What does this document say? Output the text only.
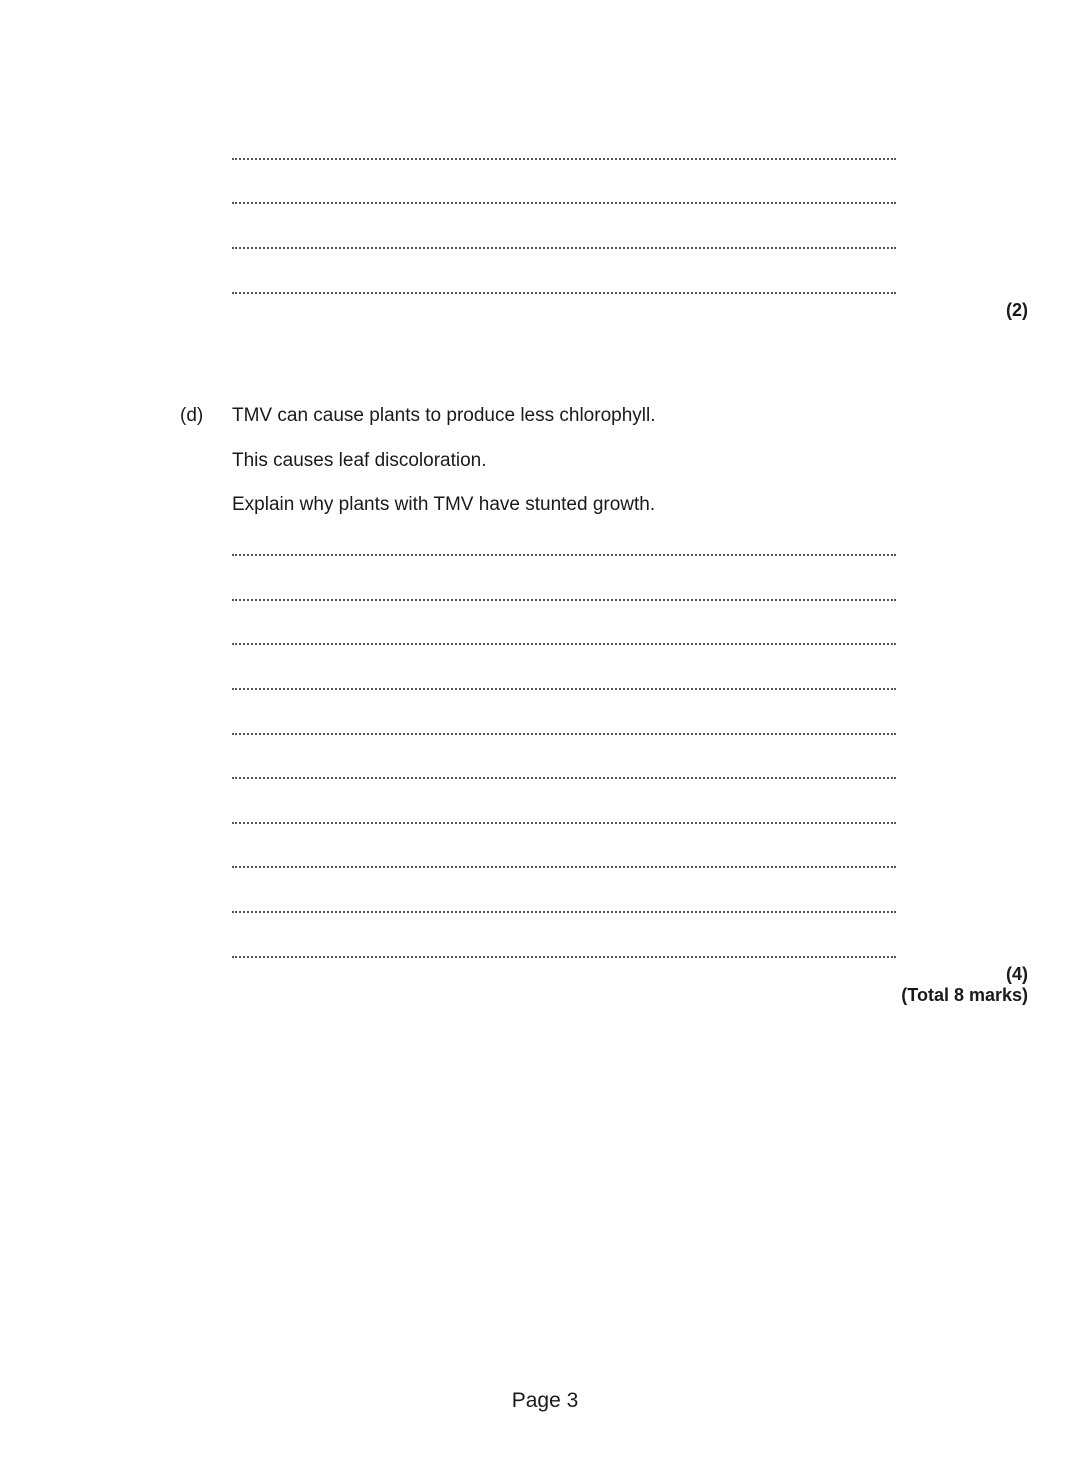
(2)
(d) TMV can cause plants to produce less chlorophyll.
This causes leaf discoloration.
Explain why plants with TMV have stunted growth.
(4)
(Total 8 marks)
Page 3
